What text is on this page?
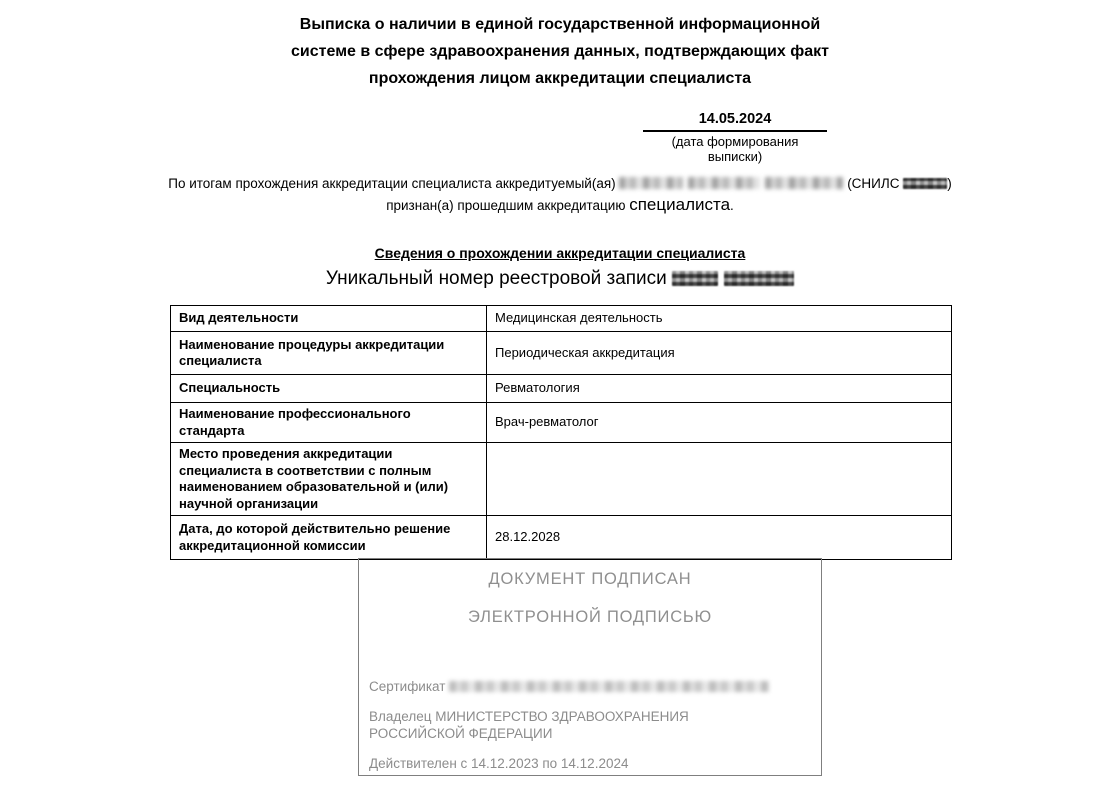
Выписка о наличии в единой государственной информационной
системе в сфере здравоохранения данных, подтверждающих факт
прохождения лицом аккредитации специалиста
14.05.2024
(дата формирования выписки)
По итогам прохождения аккредитации специалиста аккредитуемый(ая)	(СНИЛС	)
признан(а) прошедшим аккредитацию специалиста.
Сведения о прохождении аккредитации специалиста
Уникальный номер реестровой записи
Вид деятельности	Медицинская деятельность
Наименование процедуры аккредитации специалиста	Периодическая аккредитация
Специальность	Ревматология
Наименование профессионального стандарта	Врач-ревматолог
Место проведения аккредитации специалиста в соответствии с полным наименованием образовательной и (или) научной организации	
Дата, до которой действительно решение аккредитационной комиссии	28.12.2028
ДОКУМЕНТ ПОДПИСАН
ЭЛЕКТРОННОЙ ПОДПИСЬЮ
Сертификат
Владелец МИНИСТЕРСТВО ЗДРАВООХРАНЕНИЯ РОССИЙСКОЙ ФЕДЕРАЦИИ
Действителен с 14.12.2023 по 14.12.2024
